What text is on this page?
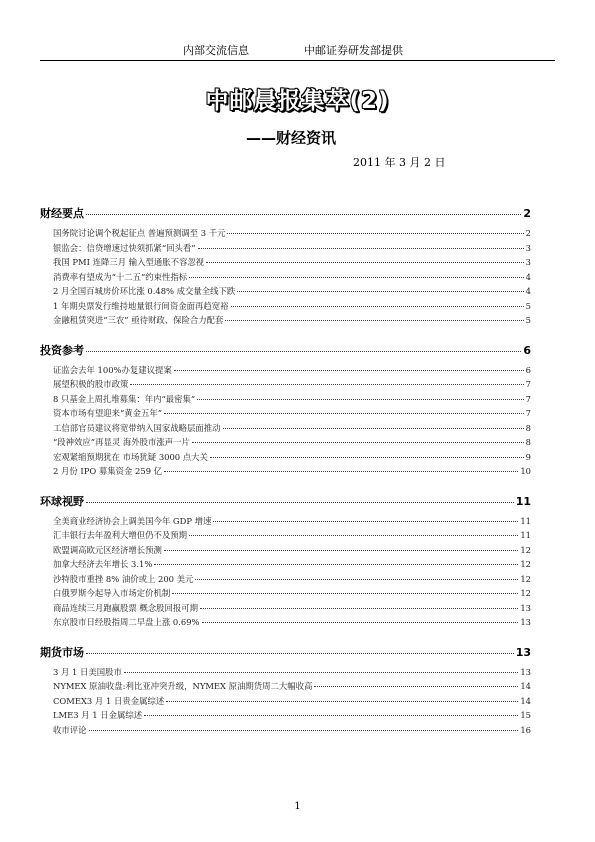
内部交流信息	中邮证券研发部提供
中邮晨报集萃(2)
——财经资讯
2011 年 3 月 2 日
财经要点	2
国务院讨论调个税起征点 普遍预测调至 3 千元	2
银监会：信贷增速过快须抓紧“回头看”	3
我国 PMI 连降三月 输入型通胀不容忽视	3
消费率有望成为“十二五”约束性指标	4
2 月全国百城房价环比涨 0.48% 成交量全线下跌	4
1 年期央票发行维持地量银行间资金面再趋宽裕	5
金融租赁突进“三农” 亟待财政、保险合力配套	5
投资参考	6
证监会去年 100%办复建议提案	6
展望积极的股市政策	7
8 只基金上周扎堆募集：年内“最密集”	7
资本市场有望迎来“黄金五年”	7
工信部官员建议将宽带纳入国家战略层面推动	8
“段神效应”再显灵 海外股市涨声一片	8
宏观紧缩预期犹在 市场犹疑 3000 点大关	9
2 月份 IPO 募集资金 259 亿	10
环球视野	11
全美商业经济协会上调美国今年 GDP 增速	11
汇丰银行去年盈利大增但仍不及预期	11
欧盟调高欧元区经济增长预测	12
加拿大经济去年增长 3.1%	12
沙特股市重挫 8% 油价或上 200 美元	12
白俄罗斯今起导入市场定价机制	12
商品连续三月跑赢股票 概念股回报可期	13
东京股市日经股指周二早盘上涨 0.69%	13
期货市场	13
3 月 1 日美国股市	13
NYMEX 原油收盘:利比亚冲突升级，NYMEX 原油期货周二大幅收高	14
COMEX3 月 1 日贵金属综述	14
LME3 月 1 日金属综述	15
收市评论	16
1
